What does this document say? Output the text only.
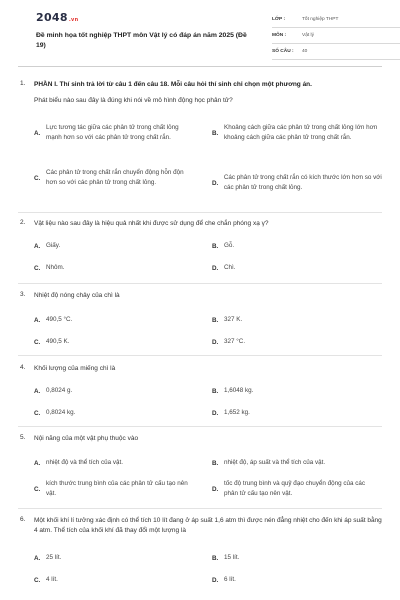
2048.vn
Đề minh họa tốt nghiệp THPT môn Vật lý có đáp án năm 2025 (Đề 19)
LỚP :	Tốt nghiệp THPT
MÔN :	Vật lý
SỐ CÂU :	40
1. PHẦN I. Thí sinh trả lời từ câu 1 đến câu 18. Mỗi câu hỏi thí sinh chỉ chọn một phương án.
Phát biểu nào sau đây là đúng khi nói về mô hình động học phân tử?
A.
Lực tương tác giữa các phân tử trong chất lỏng mạnh hơn so với các phân tử trong chất rắn.
B.
Khoảng cách giữa các phân tử trong chất lỏng lớn hơn khoảng cách giữa các phân tử trong chất rắn.
C.
Các phân tử trong chất rắn chuyển động hỗn độn hơn so với các phân tử trong chất lỏng.	D.
Các phân tử trong chất rắn có kích thước lớn hơn so với các phân tử trong chất lỏng.
2. Vật liệu nào sau đây là hiệu quả nhất khi được sử dụng để che chắn phóng xạ γ?
A. Giấy.	B. Gỗ.
C. Nhôm.	D. Chì.
3. Nhiệt độ nóng chảy của chì là
A. 490,5 °C.	B. 327 K.
C. 490,5 K.	D. 327 °C.
4. Khối lượng của miếng chì là
A. 0,8024 g.	B. 1,6048 kg.
C. 0,8024 kg.	D. 1,652 kg.
5. Nội năng của một vật phụ thuộc vào
A. nhiệt độ và thể tích của vật.	B. nhiệt độ, áp suất và thể tích của vật.
C.
kích thước trung bình của các phân tử cấu tạo nên vật.
D.
tốc độ trung bình và quỹ đạo chuyển động của các phân tử cấu tạo nên vật.
6. Một khối khí lí tưởng xác định có thể tích 10 lít đang ở áp suất 1,6 atm thì được nén đẳng nhiệt cho đến khi áp suất bằng 4 atm. Thể tích của khối khí đã thay đổi một lượng là
A. 25 lít.	B. 15 lít.
C. 4 lít.	D. 6 lít.
